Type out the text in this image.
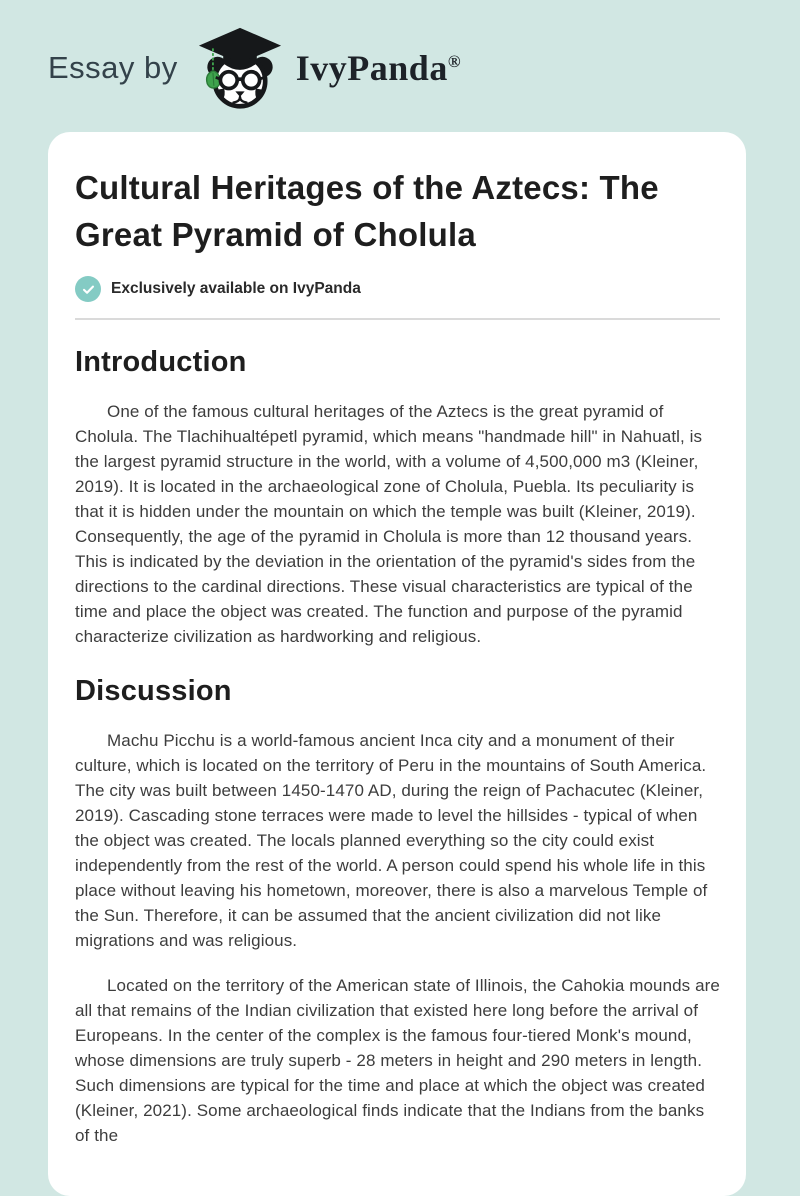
Essay by	IvyPanda®
Cultural Heritages of the Aztecs: The Great Pyramid of Cholula
Exclusively available on IvyPanda
Introduction

One of the famous cultural heritages of the Aztecs is the great pyramid of Cholula. The Tlachihualtépetl pyramid, which means "handmade hill" in Nahuatl, is the largest pyramid structure in the world, with a volume of 4,500,000 m3 (Kleiner, 2019). It is located in the archaeological zone of Cholula, Puebla. Its peculiarity is that it is hidden under the mountain on which the temple was built (Kleiner, 2019). Consequently, the age of the pyramid in Cholula is more than 12 thousand years. This is indicated by the deviation in the orientation of the pyramid's sides from the directions to the cardinal directions. These visual characteristics are typical of the time and place the object was created. The function and purpose of the pyramid characterize civilization as hardworking and religious.

Discussion

Machu Picchu is a world-famous ancient Inca city and a monument of their culture, which is located on the territory of Peru in the mountains of South America. The city was built between 1450-1470 AD, during the reign of Pachacutec (Kleiner, 2019). Cascading stone terraces were made to level the hillsides - typical of when the object was created. The locals planned everything so the city could exist independently from the rest of the world. A person could spend his whole life in this place without leaving his hometown, moreover, there is also a marvelous Temple of the Sun. Therefore, it can be assumed that the ancient civilization did not like migrations and was religious.

Located on the territory of the American state of Illinois, the Cahokia mounds are all that remains of the Indian civilization that existed here long before the arrival of Europeans. In the center of the complex is the famous four-tiered Monk's mound, whose dimensions are truly superb - 28 meters in height and 290 meters in length. Such dimensions are typical for the time and place at which the object was created (Kleiner, 2021). Some archaeological finds indicate that the Indians from the banks of the
